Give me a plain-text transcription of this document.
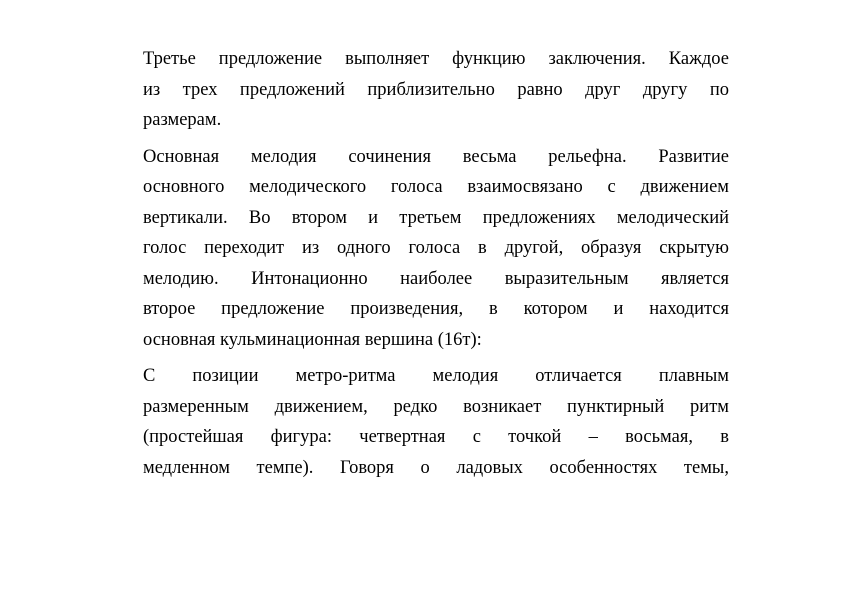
Третье предложение выполняет функцию заключения. Каждое
из трех предложений приблизительно равно друг другу по
размерам.

Основная мелодия сочинения весьма рельефна. Развитие
основного мелодического голоса взаимосвязано с движением
вертикали. Во втором и третьем предложениях мелодический
голос переходит из одного голоса в другой, образуя скрытую
мелодию. Интонационно наиболее выразительным является
второе предложение произведения, в котором и находится
основная кульминационная вершина (16т):

С позиции метро-ритма мелодия отличается плавным
размеренным движением, редко возникает пунктирный ритм
(простейшая фигура: четвертная с точкой – восьмая, в
медленном темпе). Говоря о ладовых особенностях темы,
